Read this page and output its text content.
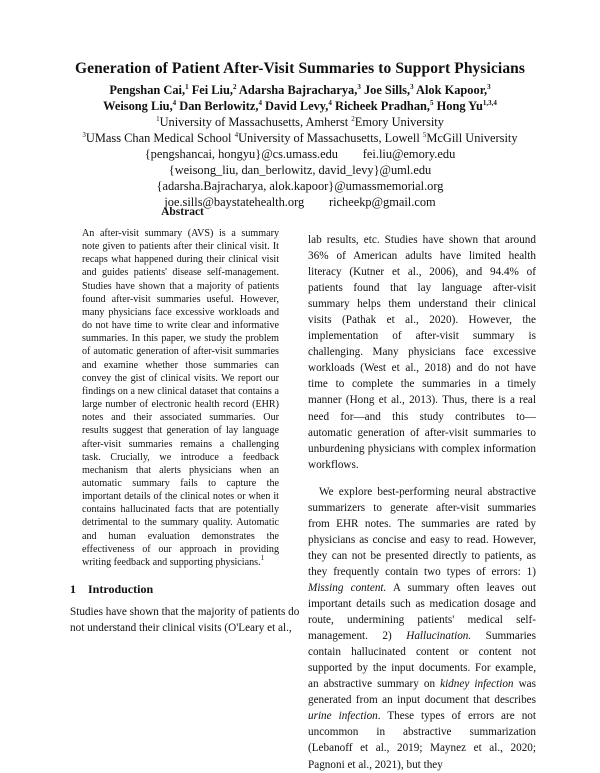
Generation of Patient After-Visit Summaries to Support Physicians
Pengshan Cai,$^1$ Fei Liu,$^2$ Adarsha Bajracharya,$^3$ Joe Sills,$^3$ Alok Kapoor,$^3$
Weisong Liu,$^4$ Dan Berlowitz,$^4$ David Levy,$^4$ Richeek Pradhan,$^5$ Hong Yu$^{1,3,4}$
$^1$University of Massachusetts, Amherst $^2$Emory University
$^3$UMass Chan Medical School $^4$University of Massachusetts, Lowell $^5$McGill University
{pengshancai, hongyu}@cs.umass.edu        fei.liu@emory.edu
{weisong_liu, dan_berlowitz, david_levy}@uml.edu
{adarsha.Bajracharya, alok.kapoor}@umassmemorial.org
joe.sills@baystatehealth.org        richeekp@gmail.com
Abstract
An after-visit summary (AVS) is a summary note given to patients after their clinical visit. It recaps what happened during their clinical visit and guides patients' disease self-management. Studies have shown that a majority of patients found after-visit summaries useful. However, many physicians face excessive workloads and do not have time to write clear and informative summaries. In this paper, we study the problem of automatic generation of after-visit summaries and examine whether those summaries can convey the gist of clinical visits. We report our findings on a new clinical dataset that contains a large number of electronic health record (EHR) notes and their associated summaries. Our results suggest that generation of lay language after-visit summaries remains a challenging task. Crucially, we introduce a feedback mechanism that alerts physicians when an automatic summary fails to capture the important details of the clinical notes or when it contains hallucinated facts that are potentially detrimental to the summary quality. Automatic and human evaluation demonstrates the effectiveness of our approach in providing writing feedback and supporting physicians.$^1$
1 Introduction
Studies have shown that the majority of patients do
not understand their clinical visits (O'Leary et al.,

lab results, etc. Studies have shown that around 36% of American adults have limited health literacy (Kutner et al., 2006), and 94.4% of patients found that lay language after-visit summary helps them understand their clinical visits (Pathak et al., 2020). However, the implementation of after-visit summary is challenging. Many physicians face excessive workloads (West et al., 2018) and do not have time to complete the summaries in a timely manner (Hong et al., 2013). Thus, there is a real need for—and this study contributes to—automatic generation of after-visit summaries to unburdening physicians with complex information workflows.

We explore best-performing neural abstractive summarizers to generate after-visit summaries from EHR notes. The summaries are rated by physicians as concise and easy to read. However, they can not be presented directly to patients, as they frequently contain two types of errors: 1) Missing content. A summary often leaves out important details such as medication dosage and route, undermining patients' medical self-management. 2) Hallucination. Summaries contain hallucinated content or content not supported by the input documents. For example, an abstractive summary on kidney infection was generated from an input document that describes urine infection. These types of errors are not uncommon in abstractive summarization (Lebanoff et al., 2019; Maynez et al., 2020; Pagnoni et al., 2021), but they
